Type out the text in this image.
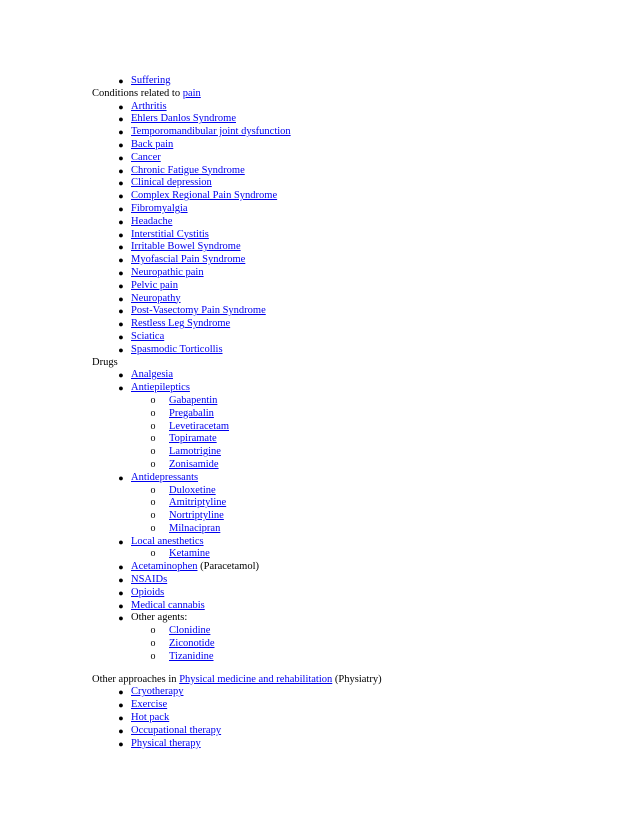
● Suffering
Conditions related to pain
● Arthritis
● Ehlers Danlos Syndrome
● Temporomandibular joint dysfunction
● Back pain
● Cancer
● Chronic Fatigue Syndrome
● Clinical depression
● Complex Regional Pain Syndrome
● Fibromyalgia
● Headache
● Interstitial Cystitis
● Irritable Bowel Syndrome
● Myofascial Pain Syndrome
● Neuropathic pain
● Pelvic pain
● Neuropathy
● Post-Vasectomy Pain Syndrome
● Restless Leg Syndrome
● Sciatica
● Spasmodic Torticollis
Drugs
● Analgesia
● Antiepileptics
o Gabapentin
o Pregabalin
o Levetiracetam
o Topiramate
o Lamotrigine
o Zonisamide
● Antidepressants
o Duloxetine
o Amitriptyline
o Nortriptyline
o Milnacipran
● Local anesthetics
o Ketamine
● Acetaminophen (Paracetamol)
● NSAIDs
● Opioids
● Medical cannabis
● Other agents:
o Clonidine
o Ziconotide
o Tizanidine
Other approaches in Physical medicine and rehabilitation (Physiatry)
● Cryotherapy
● Exercise
● Hot pack
● Occupational therapy
● Physical therapy
